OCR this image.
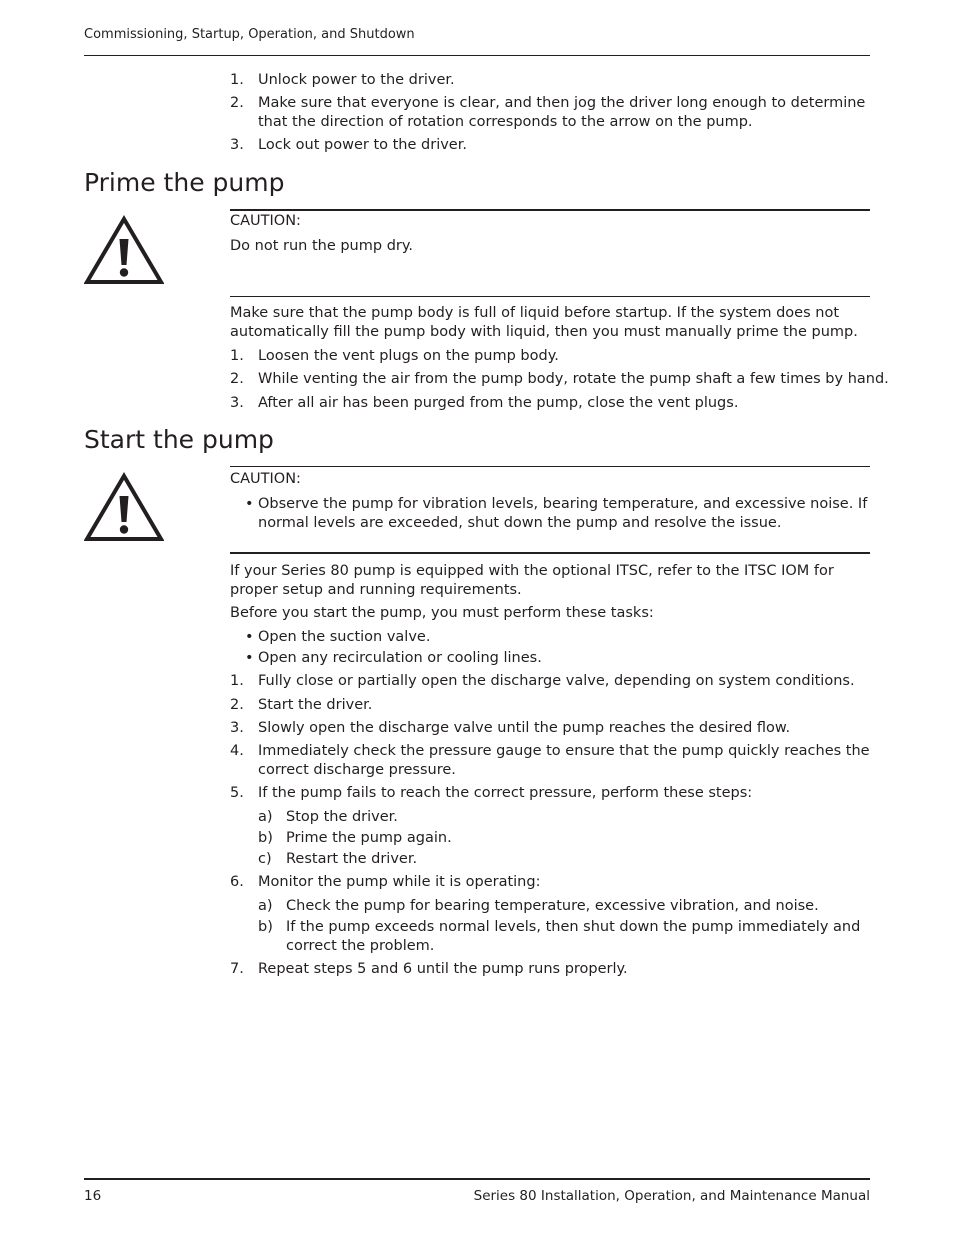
Commissioning, Startup, Operation, and Shutdown
1. Unlock power to the driver.
2. Make sure that everyone is clear, and then jog the driver long enough to determine that the direction of rotation corresponds to the arrow on the pump.
3. Lock out power to the driver.
Prime the pump
CAUTION:
Do not run the pump dry.
Make sure that the pump body is full of liquid before startup. If the system does not automatically fill the pump body with liquid, then you must manually prime the pump.
1. Loosen the vent plugs on the pump body.
2. While venting the air from the pump body, rotate the pump shaft a few times by hand.
3. After all air has been purged from the pump, close the vent plugs.
Start the pump
CAUTION:
• Observe the pump for vibration levels, bearing temperature, and excessive noise. If normal levels are exceeded, shut down the pump and resolve the issue.
If your Series 80 pump is equipped with the optional ITSC, refer to the ITSC IOM for proper setup and running requirements.
Before you start the pump, you must perform these tasks:
• Open the suction valve.
• Open any recirculation or cooling lines.
1. Fully close or partially open the discharge valve, depending on system conditions.
2. Start the driver.
3. Slowly open the discharge valve until the pump reaches the desired flow.
4. Immediately check the pressure gauge to ensure that the pump quickly reaches the correct discharge pressure.
5. If the pump fails to reach the correct pressure, perform these steps:
a) Stop the driver.
b) Prime the pump again.
c) Restart the driver.
6. Monitor the pump while it is operating:
a) Check the pump for bearing temperature, excessive vibration, and noise.
b) If the pump exceeds normal levels, then shut down the pump immediately and correct the problem.
7. Repeat steps 5 and 6 until the pump runs properly.
16	Series 80 Installation, Operation, and Maintenance Manual
